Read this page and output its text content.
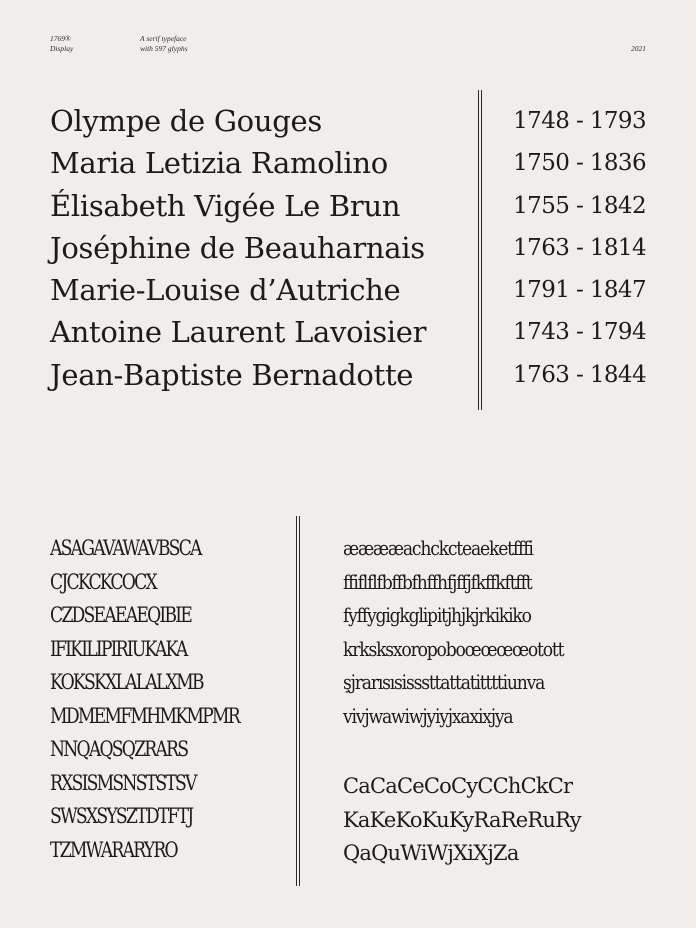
1769®
Display
A serif typeface
with 597 glyphs	2021
Olympe de Gouges
Maria Letizia Ramolino
Élisabeth Vigée Le Brun
Joséphine de Beauharnais
Marie-Louise d’Autriche
Antoine Laurent Lavoisier
Jean-Baptiste Bernadotte
1748 - 1793
1750 - 1836
1755 - 1842
1763 - 1814
1791 - 1847
1743 - 1794
1763 - 1844
ASAGAVAWAVBSCA
CJCKCKCOCX
CZDSEAEAEQIBIE
IFIKILIPIRIUKAKA
KOKSKXLALALXMB
MDMEMFMHMKMPMR
NNQAQSQZRARS
RXSISMSNSTSTSV
SWSXSYSZTDTFTJ
TZMWARARYRO
ææææachckcteaeketfffi
ffiflflfbffbfhffhfjffjfkffkftfft
fyffygigkglipitjhjkjrkikiko
krksksxoropoboœœœœotott
şjrarısısisssttattatittttiunva
vivjwawiwjyiyjxaxixjya
CaCaCeCoCyCChCkCr
KaKeKoKuKyRaReRuRy
QaQuWiWjXiXjZa
